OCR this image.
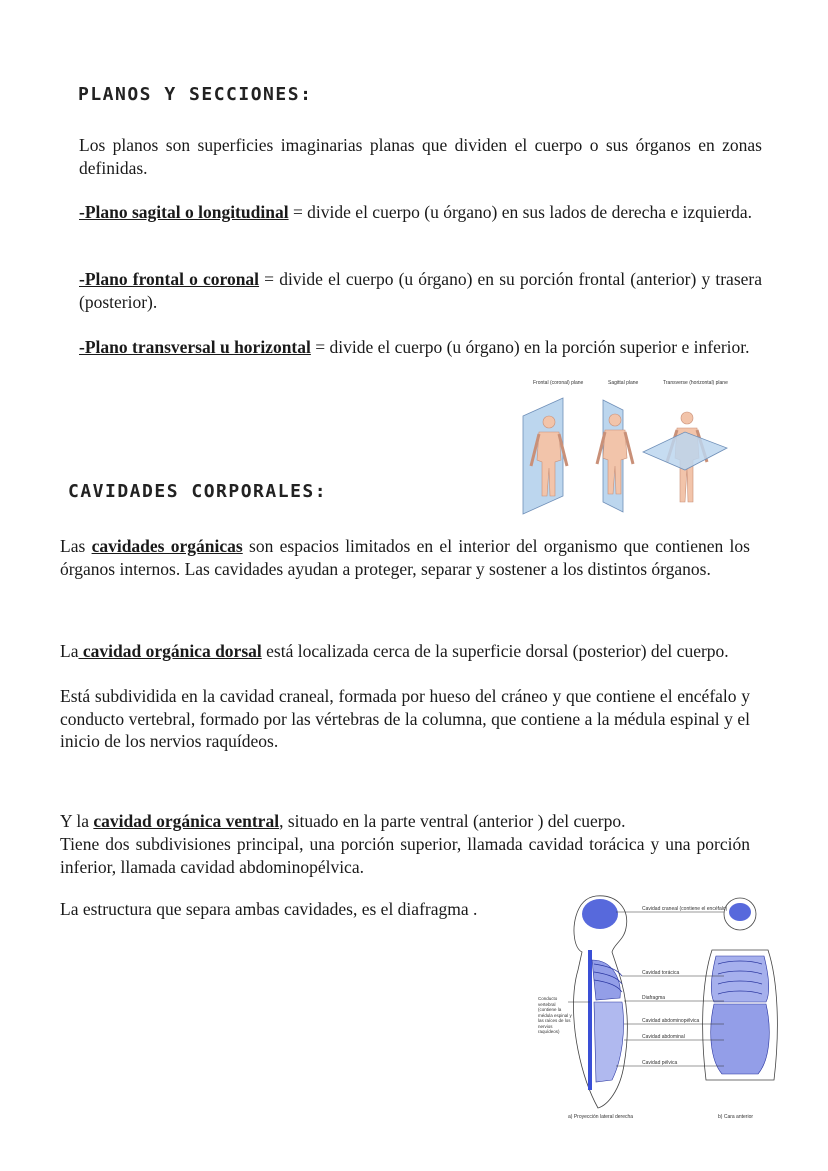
PLANOS Y SECCIONES:

Los planos son superficies imaginarias planas que dividen el cuerpo o sus órganos en zonas definidas.

-Plano sagital o longitudinal = divide el cuerpo (u órgano) en sus lados de derecha e izquierda.

-Plano frontal o coronal = divide el cuerpo (u órgano) en su porción frontal (anterior) y trasera (posterior).

-Plano transversal u horizontal = divide el cuerpo (u órgano) en la porción superior e inferior.

Frontal (coronal) plane	Sagittal plane	Transverse (horizontal) plane
CAVIDADES CORPORALES:

Las cavidades orgánicas son espacios limitados en el interior del organismo que contienen los órganos internos. Las cavidades ayudan a proteger, separar y sostener a los distintos órganos.

La cavidad orgánica dorsal está localizada cerca de la superficie dorsal (posterior) del cuerpo.

Está subdividida en la cavidad craneal, formada por hueso del cráneo y que contiene el encéfalo y conducto vertebral, formado por las vértebras de la columna, que contiene a la médula espinal y el inicio de los nervios raquídeos.

Y la cavidad orgánica ventral, situado en la parte ventral (anterior ) del cuerpo.

Tiene dos subdivisiones principal, una porción superior, llamada cavidad torácica y una porción inferior, llamada cavidad abdominopélvica.

La estructura que separa ambas cavidades, es el diafragma .	Cavidad craneal (contiene el encéfalo)
Cavidad torácica
Diafragma
Cavidad abdominopélvica
Cavidad abdominal
Cavidad pélvica
Conducto vertebral (contiene la médula espinal y las raíces de los nervios raquídeos)
a) Proyección lateral derecha	b) Cara anterior
